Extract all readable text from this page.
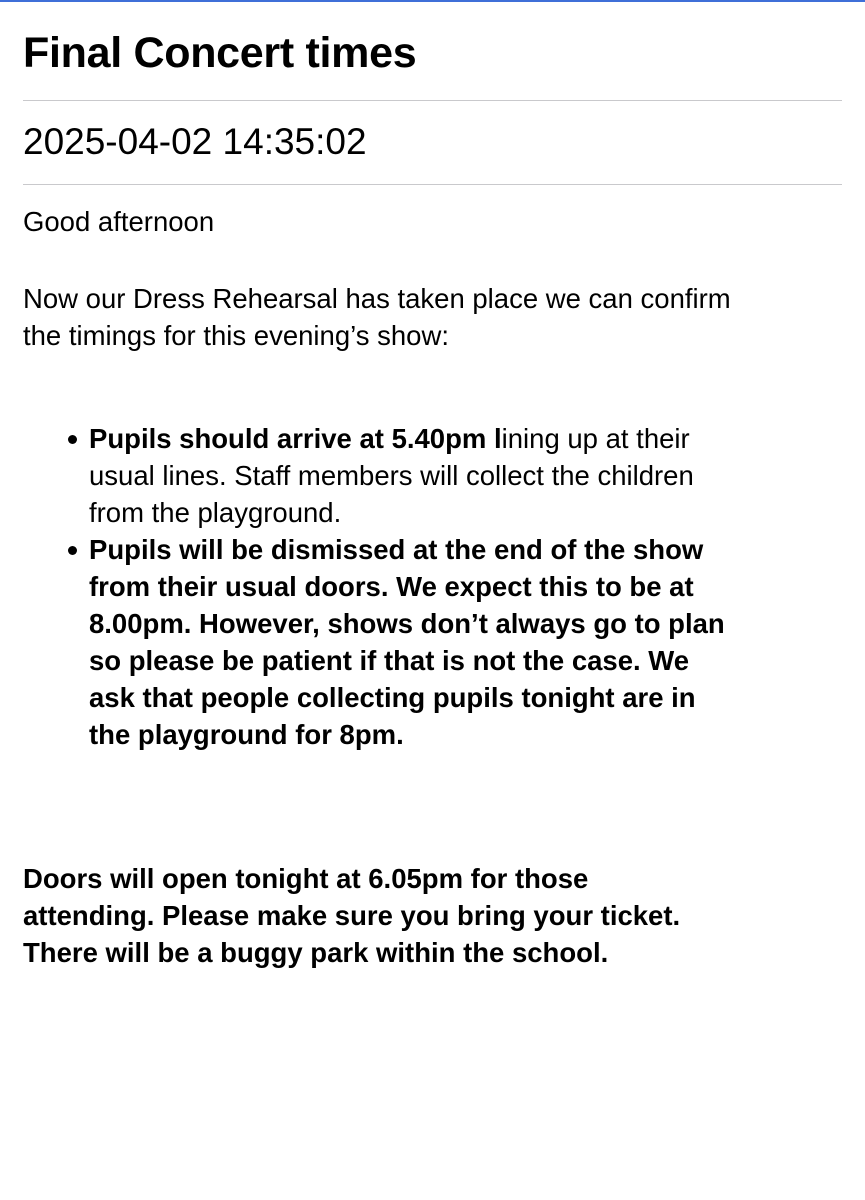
Final Concert times
2025-04-02 14:35:02

Good afternoon

Now our Dress Rehearsal has taken place we can confirm
the timings for this evening’s show:

Pupils should arrive at 5.40pm lining up at their
usual lines. Staff members will collect the children
from the playground.
Pupils will be dismissed at the end of the show
from their usual doors. We expect this to be at
8.00pm. However, shows don’t always go to plan
so please be patient if that is not the case. We
ask that people collecting pupils tonight are in
the playground for 8pm.

Doors will open tonight at 6.05pm for those
attending. Please make sure you bring your ticket.
There will be a buggy park within the school.
